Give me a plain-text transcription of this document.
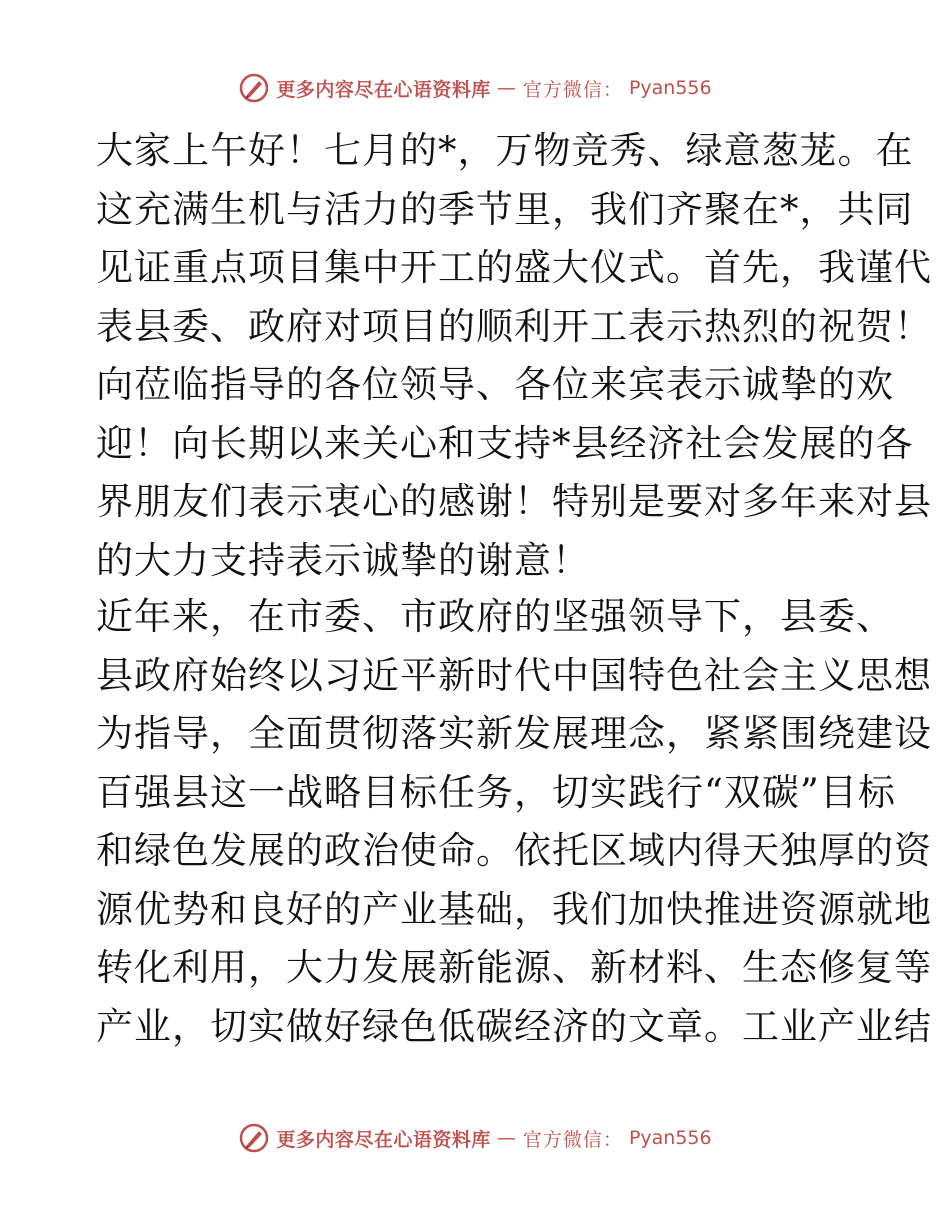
更多内容尽在心语资料库 — 官方微信： Pyan556
大家上午好！七月的*，万物竞秀、绿意葱茏。在
这充满生机与活力的季节里，我们齐聚在*，共同
见证重点项目集中开工的盛大仪式。首先，我谨代
表县委、政府对项目的顺利开工表示热烈的祝贺！
向莅临指导的各位领导、各位来宾表示诚挚的欢
迎！向长期以来关心和支持*县经济社会发展的各
界朋友们表示衷心的感谢！特别是要对多年来对县
的大力支持表示诚挚的谢意！
近年来，在市委、市政府的坚强领导下，县委、
县政府始终以习近平新时代中国特色社会主义思想
为指导，全面贯彻落实新发展理念，紧紧围绕建设
百强县这一战略目标任务，切实践行“双碳”目标
和绿色发展的政治使命。依托区域内得天独厚的资
源优势和良好的产业基础，我们加快推进资源就地
转化利用，大力发展新能源、新材料、生态修复等
产业，切实做好绿色低碳经济的文章。工业产业结
更多内容尽在心语资料库 — 官方微信： Pyan556
